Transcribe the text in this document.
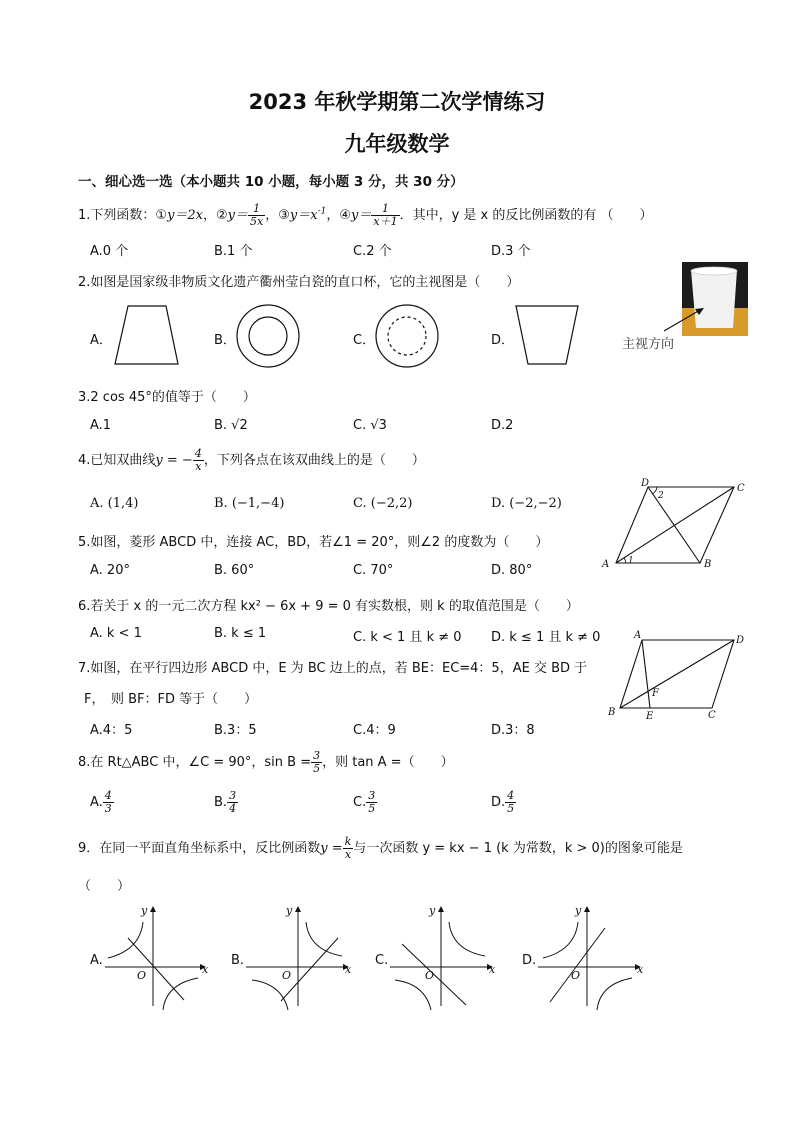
2023 年秋学期第二次学情练习
九年级数学
一、细心选一选（本小题共 10 小题，每小题 3 分，共 30 分）
1.下列函数：①y＝2x，②y＝ $\frac{1}{5x}$ ，$③y=x^{-1}$，④y＝ $\frac{1}{x+1}$ ．其中，y 是 x 的反比例函数的有 （　　）
A.0 个	B.1 个	C.2 个	D.3 个
2.如图是国家级非物质文化遗产衢州莹白瓷的直口杯，它的主视图是（　　）
A．	B．	C．	D．	主视方向
3.2 cos 45°的值等于（　　）
A.1	B. √2	C. √3	D.2
4.已知双曲线y = − $\frac{4}{x}$ ，下列各点在该双曲线上的是（　　）
A. (1,4)	B. (−1,−4)	C. (−2,2)	D. (−2,−2)
A	B
C
D
1
2
5.如图，菱形 ABCD 中，连接 AC，BD，若∠1 = 20°，则∠2 的度数为（　　）
A. 20°	B. 60°	C. 70°	D. 80°
6.若关于 x 的一元二次方程 kx² − 6x + 9 = 0 有实数根，则 k 的取值范围是（　　）
A. k < 1	B. k ≤ 1	C. k < 1 且 k ≠ 0 D. k ≤ 1 且 k ≠ 0	A
B	C
D
E
F
7.如图，在平行四边形 ABCD 中，E 为 BC 边上的点，若 BE：EC=4：5，AE 交 BD 于
F，　则 BF：FD 等于（　　）
A.4：5	B.3：5	C.4：9	D.3：8
8.在 Rt△ABC 中，∠C = 90°，$\sin B = \frac{3}{5}$ ，则 tan A =（　　）
A. $\frac{4}{3}$	B. $\frac{3}{4}$	C. $\frac{3}{5}$	D. $\frac{4}{5}$
9．在同一平面直角坐标系中，反比例函数$y = \frac{k}{x}$ 与一次函数 y = kx − 1 (k 为常数，k > 0)的图象可能是
（　　）
A.	B.	C.	D.
x
y
O	x
y
O	x
y
O	x
y
O
